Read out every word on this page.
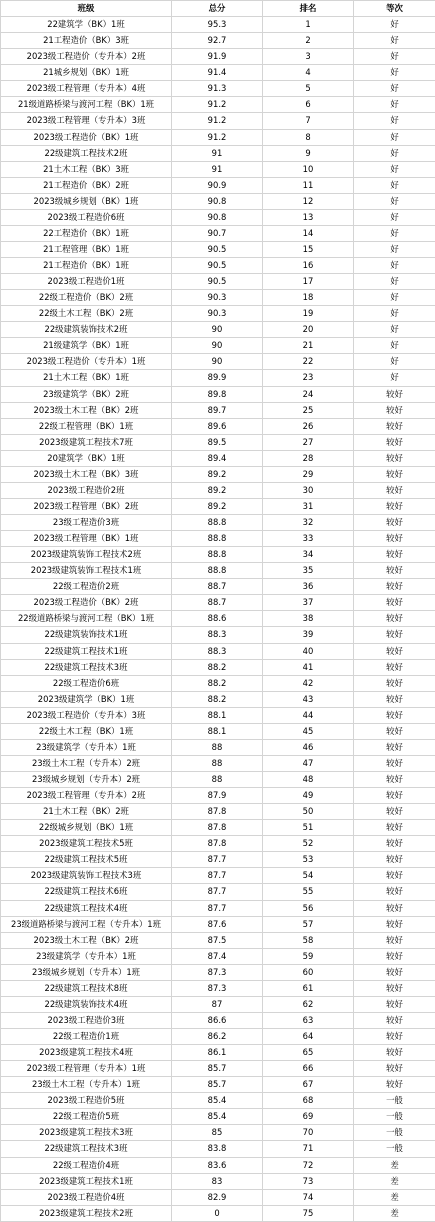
班级	总分	排名	等次
22建筑学（BK）1班	95.3	1	好
21工程造价（BK）3班	92.7	2	好
2023级工程造价（专升本）2班	91.9	3	好
21城乡规划（BK）1班	91.4	4	好
2023级工程管理（专升本）4班	91.3	5	好
21级道路桥梁与渡河工程（BK）1班	91.2	6	好
2023级工程管理（专升本）3班	91.2	7	好
2023级工程造价（BK）1班	91.2	8	好
22级建筑工程技术2班	91	9	好
21土木工程（BK）3班	91	10	好
21工程造价（BK）2班	90.9	11	好
2023级城乡规划（BK）1班	90.8	12	好
2023级工程造价6班	90.8	13	好
22工程造价（BK）1班	90.7	14	好
21工程管理（BK）1班	90.5	15	好
21工程造价（BK）1班	90.5	16	好
2023级工程造价1班	90.5	17	好
22级工程造价（BK）2班	90.3	18	好
22级土木工程（BK）2班	90.3	19	好
22级建筑装饰技术2班	90	20	好
21级建筑学（BK）1班	90	21	好
2023级工程造价（专升本）1班	90	22	好
21土木工程（BK）1班	89.9	23	好
23级建筑学（BK）2班	89.8	24	较好
2023级土木工程（BK）2班	89.7	25	较好
22级工程管理（BK）1班	89.6	26	较好
2023级建筑工程技术7班	89.5	27	较好
20建筑学（BK）1班	89.4	28	较好
2023级土木工程（BK）3班	89.2	29	较好
2023级工程造价2班	89.2	30	较好
2023级工程管理（BK）2班	89.2	31	较好
23级工程造价3班	88.8	32	较好
2023级工程管理（BK）1班	88.8	33	较好
2023级建筑装饰工程技术2班	88.8	34	较好
2023级建筑装饰工程技术1班	88.8	35	较好
22级工程造价2班	88.7	36	较好
2023级工程造价（BK）2班	88.7	37	较好
22级道路桥梁与渡河工程（BK）1班	88.6	38	较好
22级建筑装饰技术1班	88.3	39	较好
22级建筑工程技术1班	88.3	40	较好
22级建筑工程技术3班	88.2	41	较好
22级工程造价6班	88.2	42	较好
2023级建筑学（BK）1班	88.2	43	较好
2023级工程造价（专升本）3班	88.1	44	较好
22级土木工程（BK）1班	88.1	45	较好
23级建筑学（专升本）1班	88	46	较好
23级土木工程（专升本）2班	88	47	较好
23级城乡规划（专升本）2班	88	48	较好
2023级工程管理（专升本）2班	87.9	49	较好
21土木工程（BK）2班	87.8	50	较好
22级城乡规划（BK）1班	87.8	51	较好
2023级建筑工程技术5班	87.8	52	较好
22级建筑工程技术5班	87.7	53	较好
2023级建筑装饰工程技术3班	87.7	54	较好
22级建筑工程技术6班	87.7	55	较好
22级建筑工程技术4班	87.7	56	较好
23级道路桥梁与渡河工程（专升本）1班	87.6	57	较好
2023级土木工程（BK）2班	87.5	58	较好
23级建筑学（专升本）1班	87.4	59	较好
23级城乡规划（专升本）1班	87.3	60	较好
22级建筑工程技术8班	87.3	61	较好
22级建筑装饰技术4班	87	62	较好
2023级工程造价3班	86.6	63	较好
22级工程造价1班	86.2	64	较好
2023级建筑工程技术4班	86.1	65	较好
2023级工程管理（专升本）1班	85.7	66	较好
23级土木工程（专升本）1班	85.7	67	较好
2023级工程造价5班	85.4	68	一般
22级工程造价5班	85.4	69	一般
2023级建筑工程技术3班	85	70	一般
22级建筑工程技术3班	83.8	71	一般
22级工程造价4班	83.6	72	差
2023级建筑工程技术1班	83	73	差
2023级工程造价4班	82.9	74	差
2023级建筑工程技术2班	0	75	差
